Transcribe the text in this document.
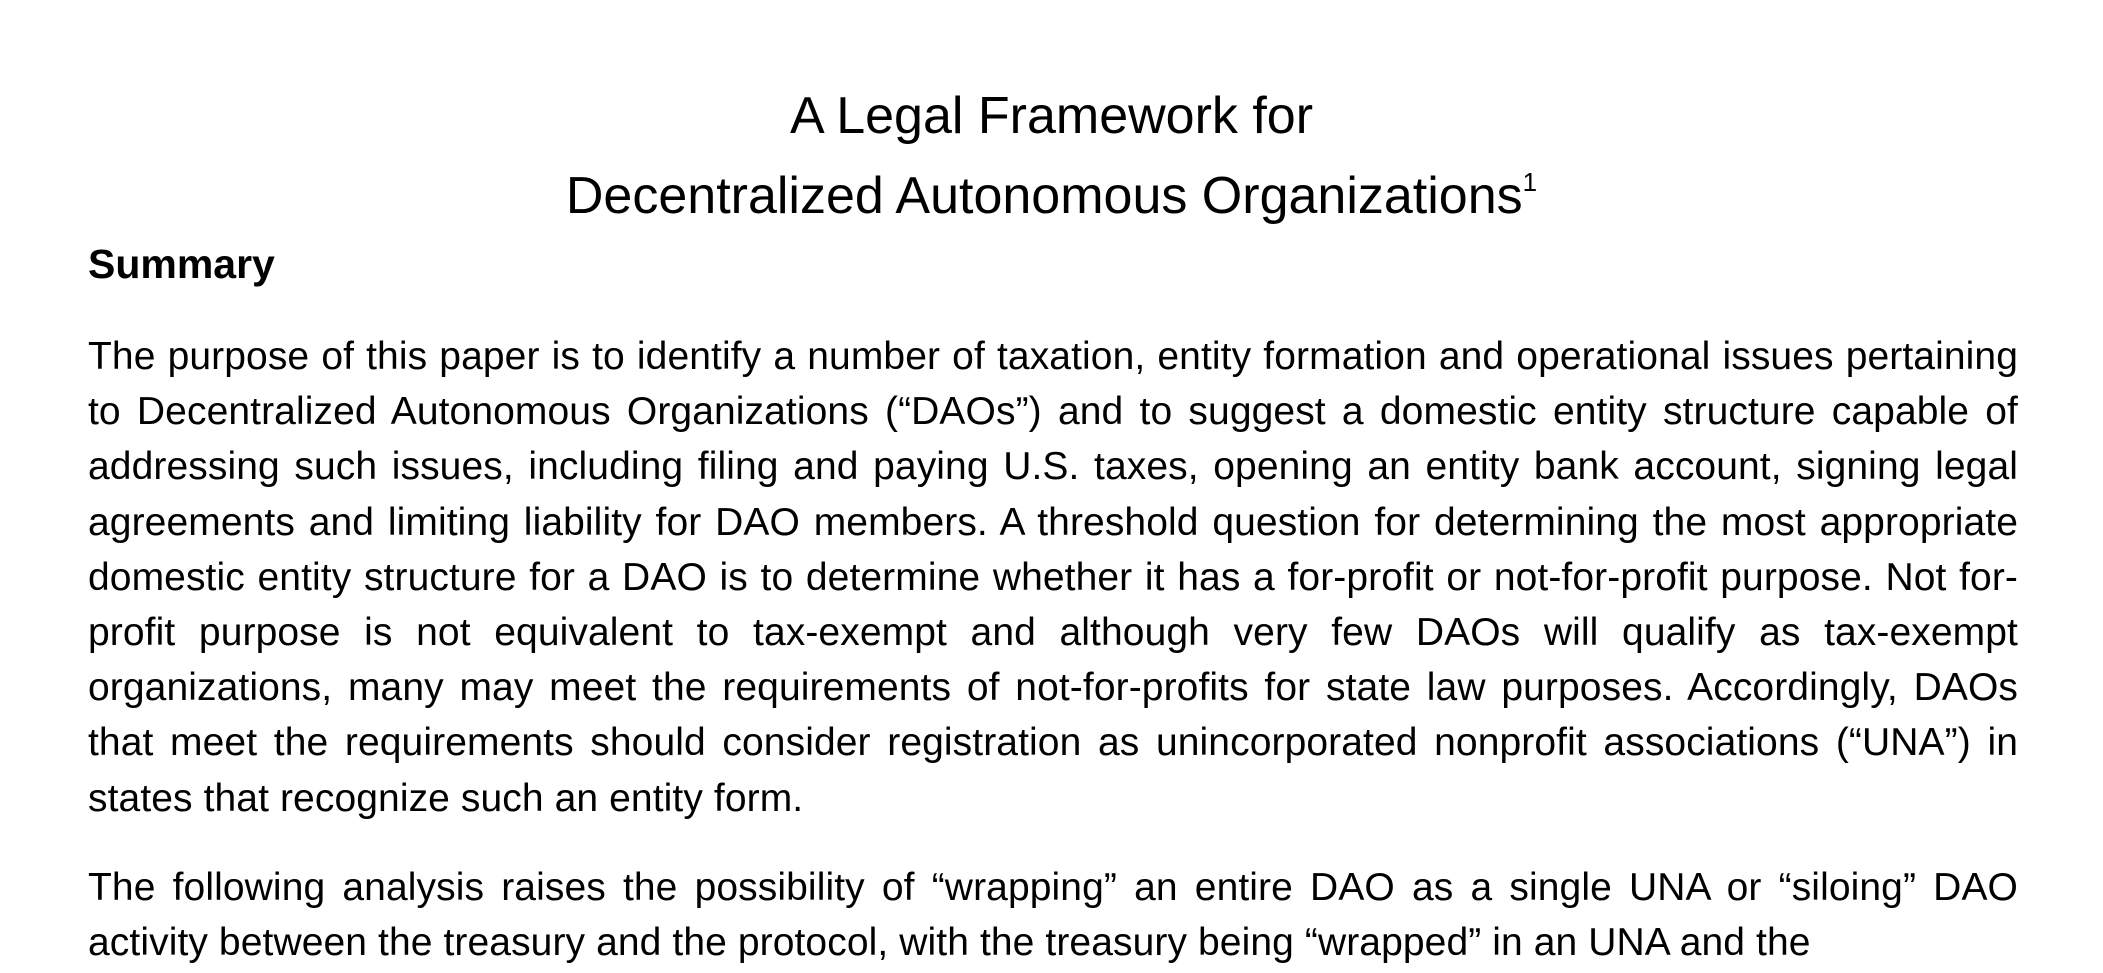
A Legal Framework for
Decentralized Autonomous Organizations$^1$
Summary

The purpose of this paper is to identify a number of taxation, entity formation and operational issues pertaining to Decentralized Autonomous Organizations (“DAOs”) and to suggest a domestic entity structure capable of addressing such issues, including filing and paying U.S. taxes, opening an entity bank account, signing legal agreements and limiting liability for DAO members. A threshold question for determining the most appropriate domestic entity structure for a DAO is to determine whether it has a for-profit or not-for-profit purpose. Not for-profit purpose is not equivalent to tax-exempt and although very few DAOs will qualify as tax-exempt organizations, many may meet the requirements of not-for-profits for state law purposes. Accordingly, DAOs that meet the requirements should consider registration as unincorporated nonprofit associations (“UNA”) in states that recognize such an entity form.

The following analysis raises the possibility of “wrapping” an entire DAO as a single UNA or “siloing” DAO activity between the treasury and the protocol, with the treasury being “wrapped” in an UNA and the
